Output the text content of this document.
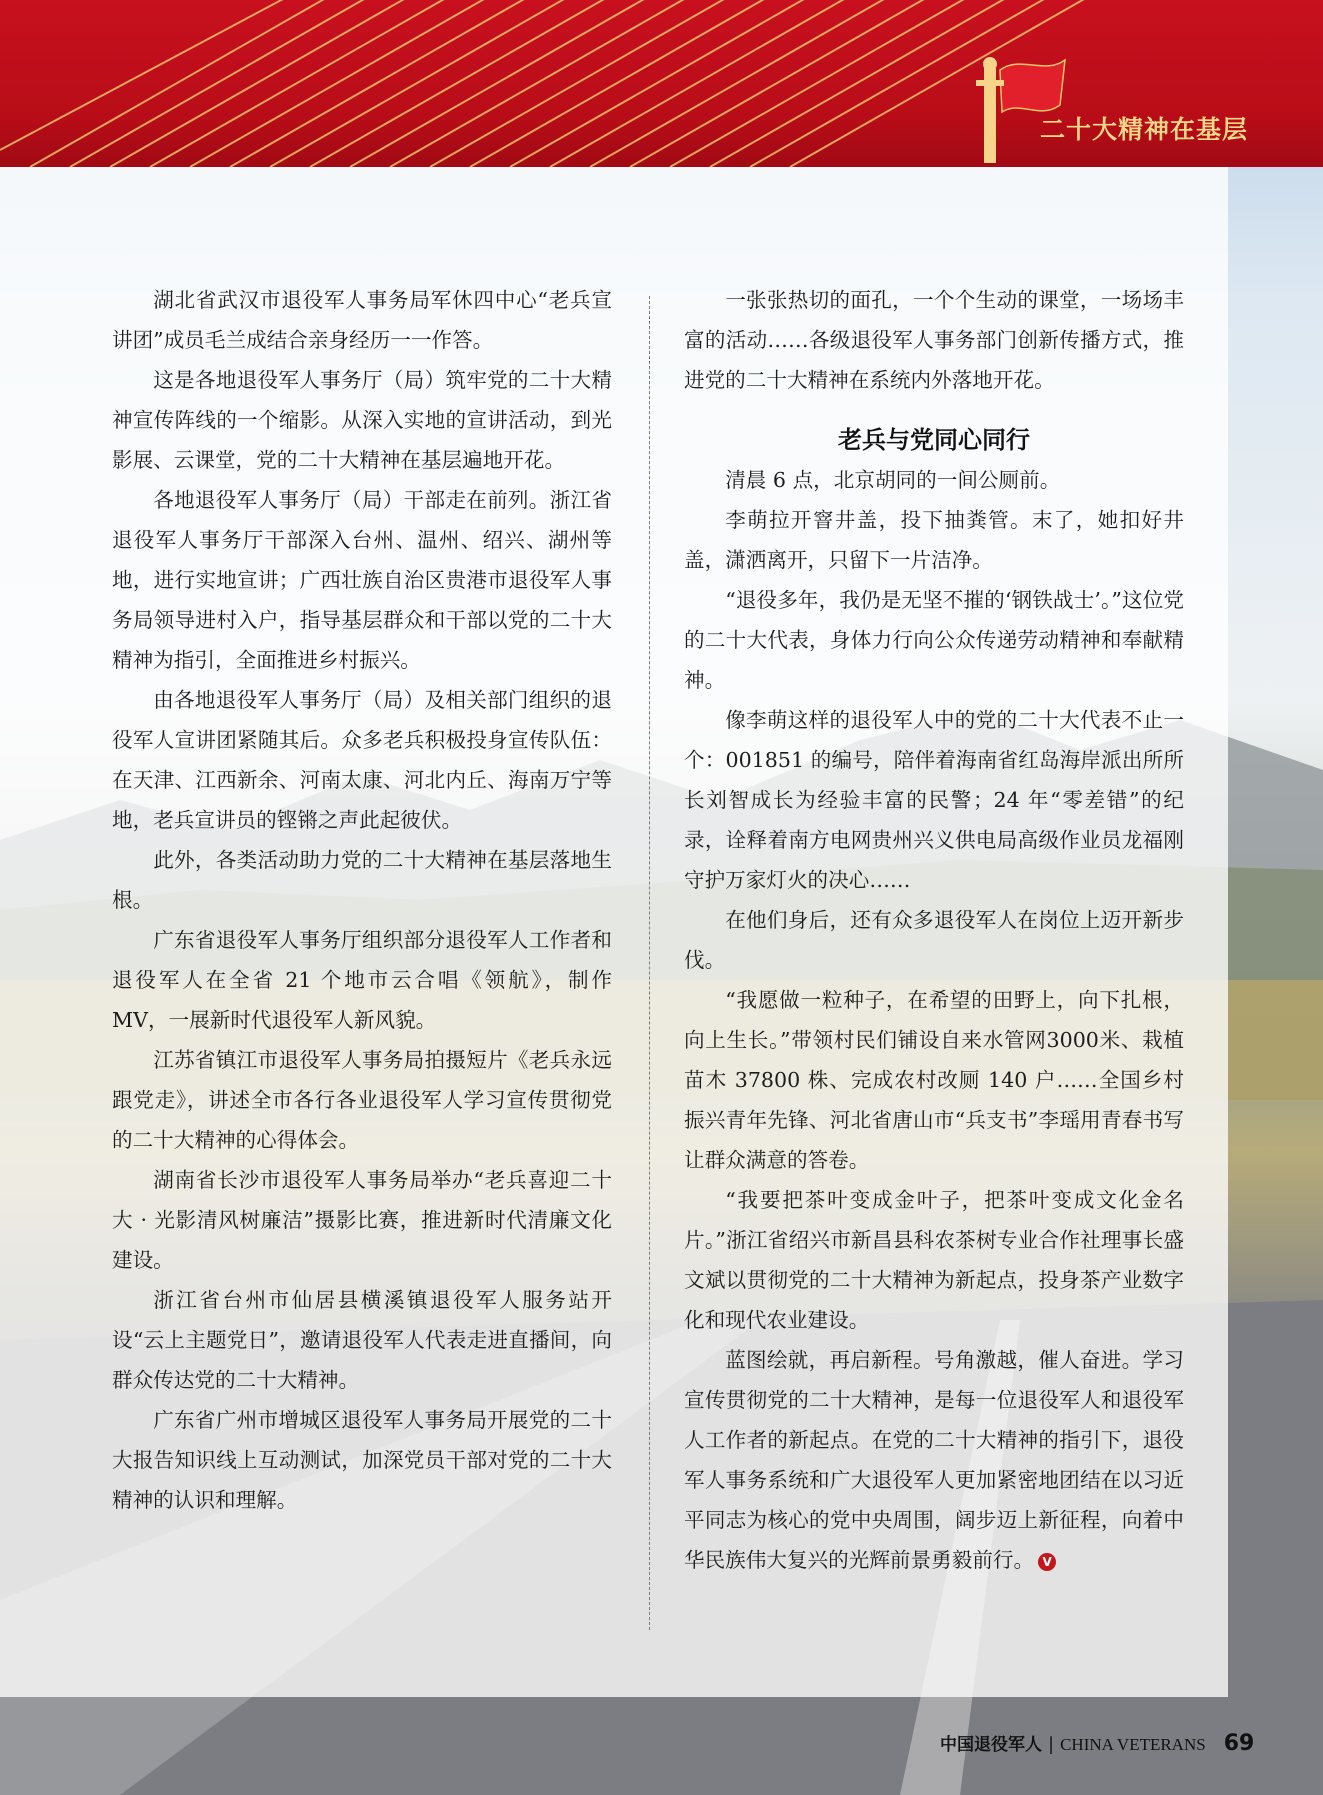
二十大精神在基层

湖北省武汉市退役军人事务局军休四中心“老兵宣讲团”成员毛兰成结合亲身经历一一作答。

这是各地退役军人事务厅（局）筑牢党的二十大精神宣传阵线的一个缩影。从深入实地的宣讲活动，到光影展、云课堂，党的二十大精神在基层遍地开花。

各地退役军人事务厅（局）干部走在前列。浙江省退役军人事务厅干部深入台州、温州、绍兴、湖州等地，进行实地宣讲；广西壮族自治区贵港市退役军人事务局领导进村入户，指导基层群众和干部以党的二十大精神为指引，全面推进乡村振兴。

由各地退役军人事务厅（局）及相关部门组织的退役军人宣讲团紧随其后。众多老兵积极投身宣传队伍：在天津、江西新余、河南太康、河北内丘、海南万宁等地，老兵宣讲员的铿锵之声此起彼伏。

此外，各类活动助力党的二十大精神在基层落地生根。

广东省退役军人事务厅组织部分退役军人工作者和退役军人在全省 21 个地市云合唱《领航》，制作 MV，一展新时代退役军人新风貌。

江苏省镇江市退役军人事务局拍摄短片《老兵永远跟党走》，讲述全市各行各业退役军人学习宣传贯彻党的二十大精神的心得体会。

湖南省长沙市退役军人事务局举办“老兵喜迎二十大 · 光影清风树廉洁”摄影比赛，推进新时代清廉文化建设。

浙江省台州市仙居县横溪镇退役军人服务站开设“云上主题党日”，邀请退役军人代表走进直播间，向群众传达党的二十大精神。

广东省广州市增城区退役军人事务局开展党的二十大报告知识线上互动测试，加深党员干部对党的二十大精神的认识和理解。

一张张热切的面孔，一个个生动的课堂，一场场丰富的活动……各级退役军人事务部门创新传播方式，推进党的二十大精神在系统内外落地开花。

老兵与党同心同行

清晨 6 点，北京胡同的一间公厕前。

李萌拉开窨井盖，投下抽粪管。末了，她扣好井盖，潇洒离开，只留下一片洁净。

“退役多年，我仍是无坚不摧的‘钢铁战士’。”这位党的二十大代表，身体力行向公众传递劳动精神和奉献精神。

像李萌这样的退役军人中的党的二十大代表不止一个：001851 的编号，陪伴着海南省红岛海岸派出所所长刘智成长为经验丰富的民警；24 年“零差错”的纪录，诠释着南方电网贵州兴义供电局高级作业员龙福刚守护万家灯火的决心……

在他们身后，还有众多退役军人在岗位上迈开新步伐。

“我愿做一粒种子，在希望的田野上，向下扎根，向上生长。”带领村民们铺设自来水管网3000米、栽植苗木 37800 株、完成农村改厕 140 户……全国乡村振兴青年先锋、河北省唐山市“兵支书”李瑶用青春书写让群众满意的答卷。

“我要把茶叶变成金叶子，把茶叶变成文化金名片。”浙江省绍兴市新昌县科农茶树专业合作社理事长盛文斌以贯彻党的二十大精神为新起点，投身茶产业数字化和现代农业建设。

蓝图绘就，再启新程。号角激越，催人奋进。学习宣传贯彻党的二十大精神，是每一位退役军人和退役军人工作者的新起点。在党的二十大精神的指引下，退役军人事务系统和广大退役军人更加紧密地团结在以习近平同志为核心的党中央周围，阔步迈上新征程，向着中华民族伟大复兴的光辉前景勇毅前行。 V

中国退役军人 | CHINA VETERANS 69
